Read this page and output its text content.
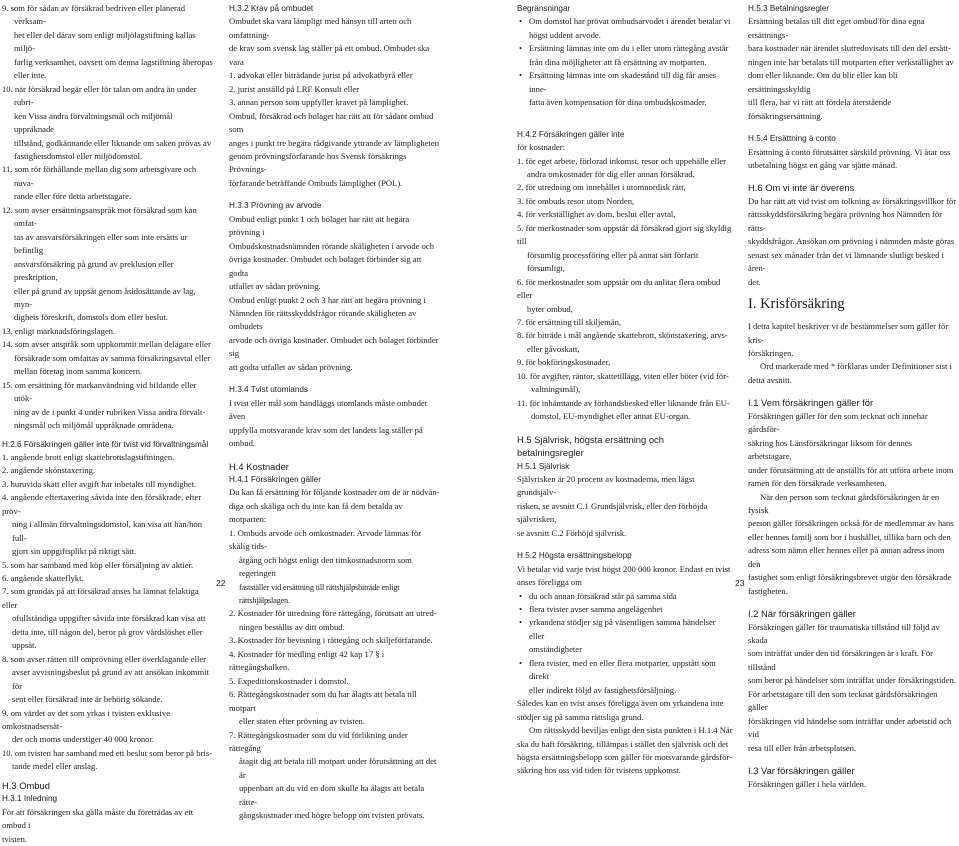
9. som för sådan av försäkrad bedriven eller planerad verksam-

het eller del därav som enligt miljölagstiftning kallas miljö-

farlig verksamhet, oavsett om denna lagstiftning åberopas

eller inte.

10. när försäkrad begär eller för talan om andra än under rubri-

ken Vissa andra förvaltningsmål och miljömål uppräknade

tillstånd, godkännande eller liknande om saken prövas av

fastighetsdomstol eller miljödomstol.

11. som rör förhållande mellan dig som arbetsgivare och nuva-

rande eller före detta arbetstagare.

12. som avser ersättningsanspråk mot försäkrad som kan omfat-

tas av ansvarsförsäkringen eller som inte ersätts ur befintlig

ansvarsförsäkring på grund av preklusion eller preskription,

eller på grund av uppsåt genom åsidosättande av lag, myn-

dighets föreskrift, domstols dom eller beslut.

13. enligt marknadsföringslagen.

14. som avser anspråk som uppkommit mellan delägare eller

försäkrade som omfattas av samma försäkringsavtal eller

mellan företag inom samma koncern.

15. om ersättning för markanvändning vid bildande eller utök-

ning av de i punkt 4 under rubriken Vissa andra förvalt-

ningsmål och miljömål uppräknade områdena.

H.2.6 Försäkringen gäller inte för tvist vid förvaltningsmål

1. angående brott enligt skattebrottslagstiftningen.

2. angående skönstaxering.

3. huruvida skatt eller avgift har inbetalts till myndighet.

4. angående eftertaxering såvida inte den försäkrade, efter pröv-

ning i allmän förvaltningsdomstol, kan visa att han/hon full-

gjort sin uppgiftsplikt på riktigt sätt.

5. som har samband med köp eller försäljning av aktier.

6. angående skatteflykt.

7. som grundas på att försäkrad anses ha lämnat felaktiga eller

ofullständiga uppgifter såvida inte försäkrad kan visa att

detta inte, till någon del, beror på grov vårdslöshet eller uppsåt.

8. som avser rätten till omprövning eller överklagande eller

avser avvisningsbeslut på grund av att ansökan inkommit för

sent eller försäkrad inte är behörig sökande.

9. om värdet av det som yrkas i tvisten exklusive omkostnadsersät-

der och moms understiger 40 000 kronor.

10. om tvisten har samband med ett beslut som beror på bris-

tande medel eller anslag.

H.3 Ombud

H.3.1 Inledning

För att försäkringen ska gälla måste du företrädas av ett ombud i

tvisten.

H.3.2 Krav på ombudet

Ombudet ska vara lämpligt med hänsyn till arten och omfattning-

de krav som svensk lag ställer på ett ombud. Ombudet ska vara

1. advokat eller biträdande jurist på advokatbyrå eller

2. jurist anställd på LRF Konsult eller

3. annan person som uppfyller kravet på lämplighet.

Ombud, försäkrad och bolaget har rätt att för sådant ombud som

anges i punkt tre begära rådgivande yttrande av lämpligheten

genom prövningsförfarande hos Svensk försäkrings Prövnings-

förfarande beträffande Ombuds lämplighet (POL).

H.3.3 Prövning av arvode

Ombud enligt punkt 1 och bolaget har rätt att begära prövning i

Ombudskostnadsnämnden rörande skäligheten i arvode och

övriga kostnader. Ombudet och bolaget förbinder sig att godta

utfallet av sådan prövning.

Ombud enligt punkt 2 och 3 har rätt att begära prövning i

Nämnden för rättsskyddsfrågor rörande skäligheten av ombudets

arvode och övriga kostnader. Ombudet och bolaget förbinder sig

att godta utfallet av sådan prövning.

H.3.4 Tvist utomlands

I tvist eller mål som handläggs utomlands måste ombudet även

uppfylla motsvarande krav som det landets lag ställer på ombud.

H.4 Kostnader

H.4.1 Försäkringen gäller

Du kan få ersättning för följande kostnader om de är nödvän-

diga och skäliga och du inte kan få dem betalda av motparten:

1. Ombuds arvode och omkostnader. Arvode lämnas för skälig tids-

åtgång och högst enligt den timkostnadsnorm som regeringen

fastställer vid ersättning till rättshjälpsbiträde enligt rättshjälpslagen.

2. Kostnader för utredning före rättegång, förutsatt att utred-

ningen beställts av ditt ombud.

3. Kostnader för bevisning i rättegång och skiljeförfarande.

4. Kostnader för medling enligt 42 kap 17 § i rättegångsbalken.

5. Expeditionskostnader i domstol.

6. Rättegångskostnader som du har ålagts att betala till motpart

eller staten efter prövning av tvisten.

7. Rättegångskostnader som du vid förlikning under rättegång

åtagit dig att betala till motpart under förutsättning att det är

uppenbart att du vid en dom skulle ha ålagts att betala rätte-

gångskostnader med högre belopp om tvisten prövats.

Begränsningar

• Om domstol har prövat ombudsarvodet i ärendet betalar vi

högst uddent arvode.

• Ersättning lämnas inte om du i eller utom rättegång avstår

från dina möjligheter att få ersättning av motparten.

• Ersättning lämnas inte om skadestånd till dig får anses inne-

fatta även kompensation för dina ombudskostnader.

H.4.2 Försäkringen gäller inte

för kostnader:

1. för eget arbete, förlorad inkomst, resor och uppehälle eller

andra omkostnader för dig eller annan försäkrad,

2. för utredning om innehållet i utomnordisk rätt,

3. för ombuds resor utom Norden,

4. för verkställighet av dom, beslut eller avtal,

5. för merkostnader som uppstår då försäkrad gjort sig skyldig till

försumlig processföring eller på annat sätt förfarit försumligt,

6. för merkostnader som uppstår om du anlitar flera ombud eller

byter ombud,

7. för ersättning till skiljemän,

8. för biträde i mål angående skattebrott, skönstaxering, arvs-

eller gåvoskatt,

9. för bokföringskostnader,

10. för avgifter, räntor, skattetillägg, viten eller böter (vid för-

valtningsmål),

11. för inhämtande av förhandsbesked eller liknande från EU-

domstol, EU-myndighet eller annat EU-organ.

H.5 Självrisk, högsta ersättning och betalningsregler

H.5.1 Självrisk

Självrisken är 20 procent av kostnaderna, men lägst grundsjälv-

risken, se avsnitt C.1 Grundsjälvrisk, eller den förhöjda självrisken,

se avsnitt C.2 Förhöjd självrisk.

H.5.2 Högsta ersättningsbelopp

Vi betalar vid varje tvist högst 200 000 kronor. Endast en tvist

anses föreligga om

• du och annan försäkrad står på samma sida

• flera tvister avser samma angelägenhet

• yrkandena stödjer sig på väsentligen samma händelser eller

omständigheter

• flera tvister, med en eller flera motparter, uppstått som direkt

eller indirekt följd av fastighetsförsäljning.

Således kan en tvist anses föreligga även om yrkandena inte

stödjer sig på samma rättsliga grund.

Om rättsskydd beviljas enligt den sista punkten i H.1.4 När

ska du haft försäkring, tillämpas i stället den självrisk och det

högsta ersättningsbelopp som gäller för motsvarande gårdsför-

säkring hos oss vid tiden för tvistens uppkomst.

H.5.3 Betalningsregler

Ersättning betalas till ditt eget ombud för dina egna ersättnings-

bara kostnader när ärendet slutredovisats till den del ersätt-

ningen inte har betalats till motparten efter verkställighet av

dom eller liknande. Om du blir eller kan bli ersättningsskyldig

till flera, har vi rätt att fördela återstående försäkringsersättning.

H.5.4 Ersättning à conto

Ersättning à conto förutsätter särskild prövning. Vi åtar oss

utbetalning högst en gång var sjätte månad.

H.6 Om vi inte är överens

Du har rätt att vid tvist om tolkning av försäkringsvillkor för

rättsskyddsförsäkring begära prövning hos Nämnden för rätts-

skyddsfrågor. Ansökan om prövning i nämnden måste göras

senast sex månader från det vi lämnande slutligt besked i ären-

det.

I. Krisförsäkring

I detta kapitel beskriver vi de bestämmelser som gäller för kris-

försäkringen.

Ord markerade med * förklaras under Definitioner sist i

detta avsnitt.

I.1 Vem försäkringen gäller för

Försäkringen gäller för den som tecknat och innehar gårdsför-

säkring hos Länsförsäkringar liksom för dennes arbetstagare,

under förutsättning att de anställts för att utföra arbete inom

ramen för den försäkrade verksamheten.

När den person som tecknat gårdsförsäkringen är en fysisk

person gäller försäkringen också för de medlemmar av hans

eller hennes familj som bor i hushållet, tillika barn och den

adress som nämn eller hennes eller på annan adress inom den

fastighet som enligt försäkringsbrevet utgör den försäkrade

fastigheten.

I.2 När försäkringen gäller

Försäkringen gäller för traumatiska tillstånd till följd av skada

som inträffat under den tid försäkringen är i kraft. För tillstånd

som beror på händelser som inträffat under försäkringstiden.

För arbetstagare till den som tecknat gårdsförsäkringen gäller

försäkringen vid händelse som inträffar under arbetstid och vid

resa till eller från arbetsplatsen.

I.3 Var försäkringen gäller

Försäkringen gäller i hela världen.

22	23
